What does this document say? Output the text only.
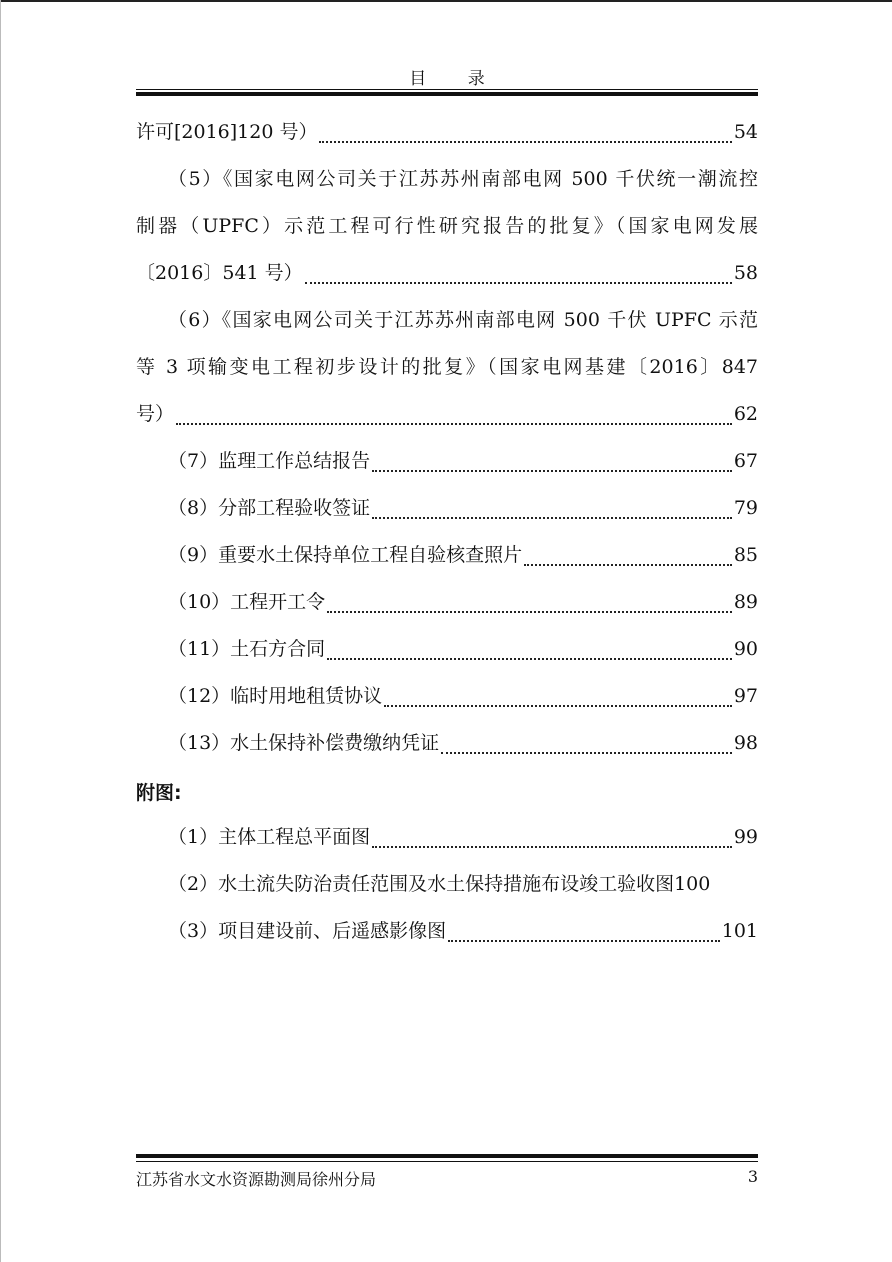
目 录
许可[2016]120 号）	54
（5）《国家电网公司关于江苏苏州南部电网 500 千伏统一潮流控
制器（UPFC）示范工程可行性研究报告的批复》（国家电网发展
〔2016〕541 号）	58
（6）《国家电网公司关于江苏苏州南部电网 500 千伏 UPFC 示范
等 3 项输变电工程初步设计的批复》（国家电网基建〔2016〕847
号）	62
（7）监理工作总结报告	67
（8）分部工程验收签证	79
（9）重要水土保持单位工程自验核查照片	85
（10）工程开工令	89
（11）土石方合同	90
（12）临时用地租赁协议	97
（13）水土保持补偿费缴纳凭证	98
附图:
（1）主体工程总平面图	99
（2）水土流失防治责任范围及水土保持措施布设竣工验收图 100
（3）项目建设前、后遥感影像图	101
江苏省水文水资源勘测局徐州分局	3
